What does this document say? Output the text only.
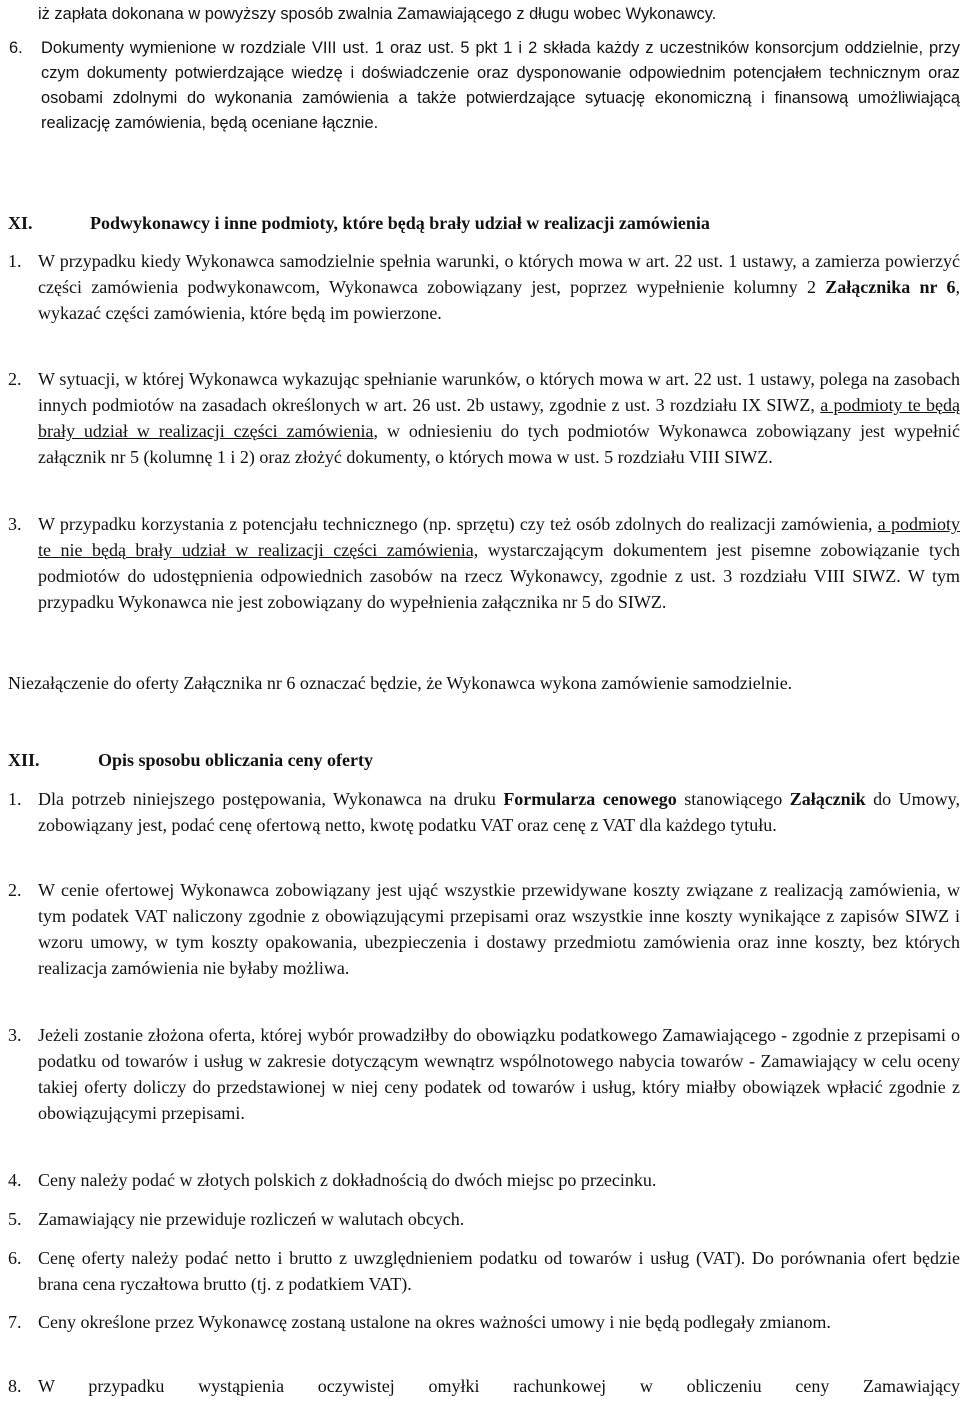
iż zapłata dokonana w powyższy sposób zwalnia Zamawiającego z długu wobec Wykonawcy.
6. Dokumenty wymienione w rozdziale VIII ust. 1 oraz ust. 5 pkt 1 i 2 składa każdy z uczestników konsorcjum oddzielnie, przy czym dokumenty potwierdzające wiedzę i doświadczenie oraz dysponowanie odpowiednim potencjałem technicznym oraz osobami zdolnymi do wykonania zamówienia a także potwierdzające sytuację ekonomiczną i finansową umożliwiającą realizację zamówienia, będą oceniane łącznie.
XI.	Podwykonawcy i inne podmioty, które będą brały udział w realizacji zamówienia
1. W przypadku kiedy Wykonawca samodzielnie spełnia warunki, o których mowa w art. 22 ust. 1 ustawy, a zamierza powierzyć części zamówienia podwykonawcom, Wykonawca zobowiązany jest, poprzez wypełnienie kolumny 2 Załącznika nr 6, wykazać części zamówienia, które będą im powierzone.
2. W sytuacji, w której Wykonawca wykazując spełnianie warunków, o których mowa w art. 22 ust. 1 ustawy, polega na zasobach innych podmiotów na zasadach określonych w art. 26 ust. 2b ustawy, zgodnie z ust. 3 rozdziału IX SIWZ, a podmioty te będą brały udział w realizacji części zamówienia, w odniesieniu do tych podmiotów Wykonawca zobowiązany jest wypełnić załącznik nr 5 (kolumnę 1 i 2) oraz złożyć dokumenty, o których mowa w ust. 5 rozdziału VIII SIWZ.
3. W przypadku korzystania z potencjału technicznego (np. sprzętu) czy też osób zdolnych do realizacji zamówienia, a podmioty te nie będą brały udział w realizacji części zamówienia, wystarczającym dokumentem jest pisemne zobowiązanie tych podmiotów do udostępnienia odpowiednich zasobów na rzecz Wykonawcy, zgodnie z ust. 3 rozdziału VIII SIWZ. W tym przypadku Wykonawca nie jest zobowiązany do wypełnienia załącznika nr 5 do SIWZ.
Niezałączenie do oferty Załącznika nr 6 oznaczać będzie, że Wykonawca wykona zamówienie samodzielnie.
XII.	Opis sposobu obliczania ceny oferty
1. Dla potrzeb niniejszego postępowania, Wykonawca na druku Formularza cenowego stanowiącego Załącznik do Umowy, zobowiązany jest, podać cenę ofertową netto, kwotę podatku VAT oraz cenę z VAT dla każdego tytułu.
2. W cenie ofertowej Wykonawca zobowiązany jest ująć wszystkie przewidywane koszty związane z realizacją zamówienia, w tym podatek VAT naliczony zgodnie z obowiązującymi przepisami oraz wszystkie inne koszty wynikające z zapisów SIWZ i wzoru umowy, w tym koszty opakowania, ubezpieczenia i dostawy przedmiotu zamówienia oraz inne koszty, bez których realizacja zamówienia nie byłaby możliwa.
3. Jeżeli zostanie złożona oferta, której wybór prowadziłby do obowiązku podatkowego Zamawiającego - zgodnie z przepisami o podatku od towarów i usług w zakresie dotyczącym wewnątrz wspólnotowego nabycia towarów - Zamawiający w celu oceny takiej oferty doliczy do przedstawionej w niej ceny podatek od towarów i usług, który miałby obowiązek wpłacić zgodnie z obowiązującymi przepisami.
4. Ceny należy podać w złotych polskich z dokładnością do dwóch miejsc po przecinku.
5. Zamawiający nie przewiduje rozliczeń w walutach obcych.
6. Cenę oferty należy podać netto i brutto z uwzględnieniem podatku od towarów i usług (VAT). Do porównania ofert będzie brana cena ryczałtowa brutto (tj. z podatkiem VAT).
7. Ceny określone przez Wykonawcę zostaną ustalone na okres ważności umowy i nie będą podlegały zmianom.
8. W przypadku wystąpienia oczywistej omyłki rachunkowej w obliczeniu ceny Zamawiający
